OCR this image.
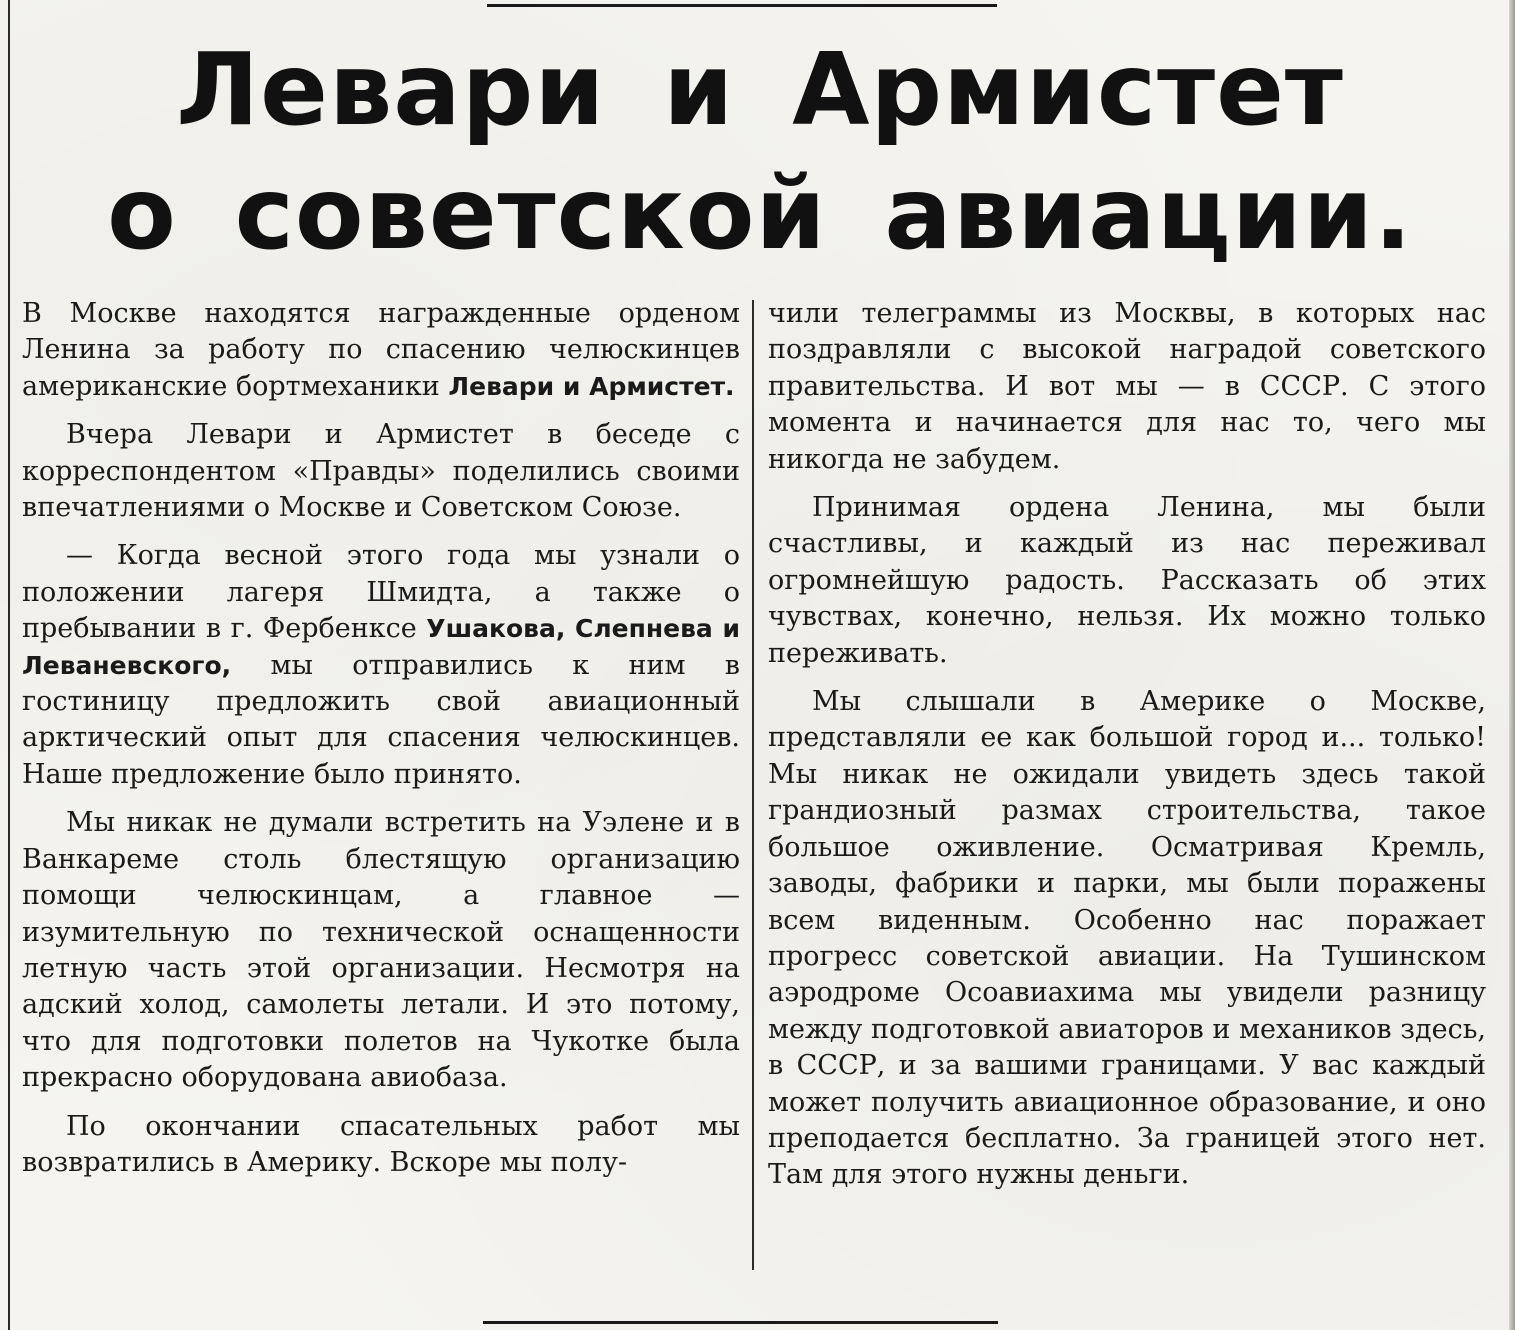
Левари и Армистет
о советской авиации.

В Москве находятся награжденные орденом Ленина за работу по спасению челюскинцев американские бортмеханики Левари и Армистет.

Вчера Левари и Армистет в беседе с корреспондентом «Правды» поделились своими впечатлениями о Москве и Советском Союзе.

— Когда весной этого года мы узнали о положении лагеря Шмидта, а также о пребывании в г. Фербенксе Ушакова, Слепнева и Леваневского, мы отправились к ним в гостиницу предложить свой авиационный арктический опыт для спасения челюскинцев. Наше предложение было принято.

Мы никак не думали встретить на Уэлене и в Ванкареме столь блестящую организацию помощи челюскинцам, а главное — изумительную по технической оснащенности летную часть этой организации. Несмотря на адский холод, самолеты летали. И это потому, что для подготовки полетов на Чукотке была прекрасно оборудована авиобаза.

По окончании спасательных работ мы возвратились в Америку. Вскоре мы полу-

чили телеграммы из Москвы, в которых нас поздравляли с высокой наградой советского правительства. И вот мы — в СССР. С этого момента и начинается для нас то, чего мы никогда не забудем.

Принимая ордена Ленина, мы были счастливы, и каждый из нас переживал огромнейшую радость. Рассказать об этих чувствах, конечно, нельзя. Их можно только переживать.

Мы слышали в Америке о Москве, представляли ее как большой город и... только! Мы никак не ожидали увидеть здесь такой грандиозный размах строительства, такое большое оживление. Осматривая Кремль, заводы, фабрики и парки, мы были поражены всем виденным. Особенно нас поражает прогресс советской авиации. На Тушинском аэродроме Осоавиахима мы увидели разницу между подготовкой авиаторов и механиков здесь, в СССР, и за вашими границами. У вас каждый может получить авиационное образование, и оно преподается бесплатно. За границей этого нет. Там для этого нужны деньги.
